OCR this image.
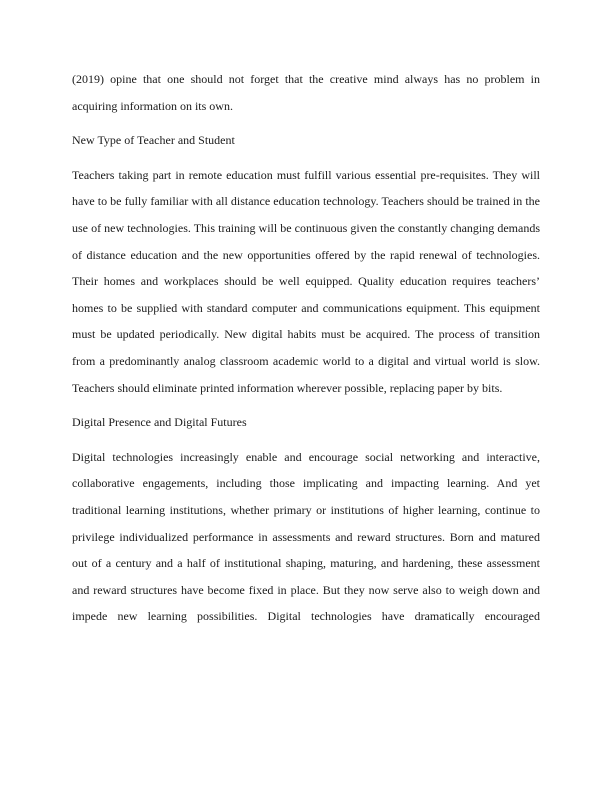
(2019) opine that one should not forget that the creative mind always has no problem in acquiring information on its own.

New Type of Teacher and Student

Teachers taking part in remote education must fulfill various essential pre-requisites. They will have to be fully familiar with all distance education technology. Teachers should be trained in the use of new technologies. This training will be continuous given the constantly changing demands of distance education and the new opportunities offered by the rapid renewal of technologies. Their homes and workplaces should be well equipped. Quality education requires teachers’ homes to be supplied with standard computer and communications equipment. This equipment must be updated periodically. New digital habits must be acquired. The process of transition from a predominantly analog classroom academic world to a digital and virtual world is slow. Teachers should eliminate printed information wherever possible, replacing paper by bits.

Digital Presence and Digital Futures

Digital technologies increasingly enable and encourage social networking and interactive, collaborative engagements, including those implicating and impacting learning. And yet traditional learning institutions, whether primary or institutions of higher learning, continue to privilege individualized performance in assessments and reward structures. Born and matured out of a century and a half of institutional shaping, maturing, and hardening, these assessment and reward structures have become fixed in place. But they now serve also to weigh down and impede new learning possibilities. Digital technologies have dramatically encouraged
